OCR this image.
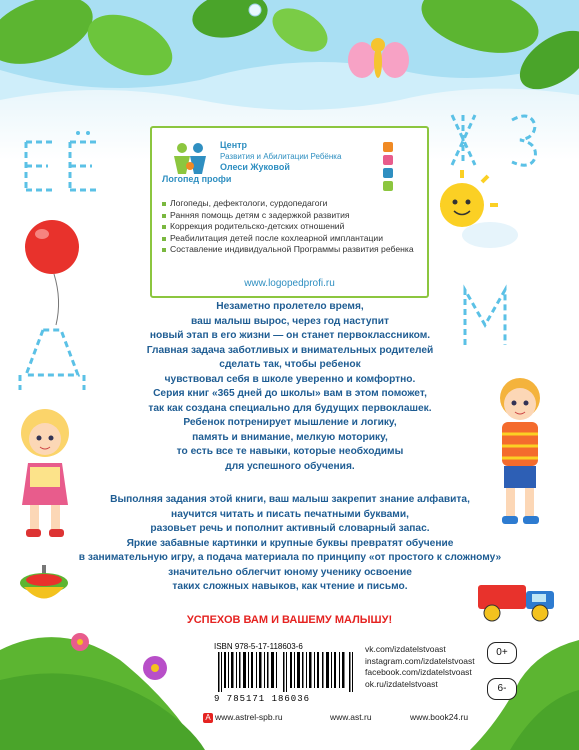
Логопед профи
Центр
Развития и Абилитации Ребёнка
Олеси Жуковой
Логопеды, дефектологи, сурдопедагоги
Ранняя помощь детям с задержкой развития
Коррекция родительско-детских отношений
Реабилитация детей после кохлеарной имплантации
Составление индивидуальной Программы развития ребенка
www.logopedprofi.ru

Незаметно пролетело время,

ваш малыш вырос, через год наступит

новый этап в его жизни — он станет первоклассником.

Главная задача заботливых и внимательных родителей

сделать так, чтобы ребенок

чувствовал себя в школе уверенно и комфортно.

Серия книг «365 дней до школы» вам в этом поможет,

так как создана специально для будущих первоклашек.

Ребенок потренирует мышление и логику,

память и внимание, мелкую моторику,

то есть все те навыки, которые необходимы

для успешного обучения.

Выполняя задания этой книги, ваш малыш закрепит знание алфавита,

научится читать и писать печатными буквами,

разовьет речь и пополнит активный словарный запас.

Яркие забавные картинки и крупные буквы превратят обучение

в занимательную игру, а подача материала по принципу «от простого к сложному»

значительно облегчит юному ученику освоение

таких сложных навыков, как чтение и письмо.

УСПЕХОВ ВАМ И ВАШЕМУ МАЛЫШУ!
ISBN 978-5-17-118603-6
9 785171 186036
vk.com/izdatelstvoast
instagram.com/izdatelstvoast
facebook.com/izdatelstvoast
ok.ru/izdatelstvoast
0+
6-
A www.astrel-spb.ru	www.ast.ru	www.book24.ru
